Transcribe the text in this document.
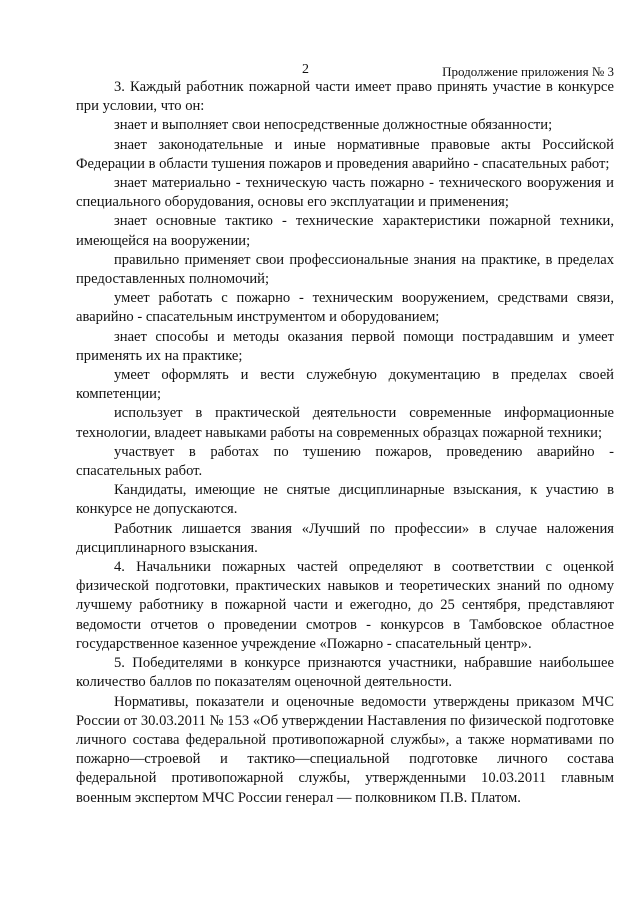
2	Продолжение приложения № 3

3. Каждый работник пожарной части имеет право принять участие в конкурсе при условии, что он:

знает и выполняет свои непосредственные должностные обязанности;

знает законодательные и иные нормативные правовые акты Российской Федерации в области тушения пожаров и проведения аварийно - спасательных работ;

знает материально - техническую часть пожарно - технического вооружения и специального оборудования, основы его эксплуатации и применения;

знает основные тактико - технические характеристики пожарной техники, имеющейся на вооружении;

правильно применяет свои профессиональные знания на практике, в пределах предоставленных полномочий;

умеет работать с пожарно - техническим вооружением, средствами связи, аварийно - спасательным инструментом и оборудованием;

знает способы и методы оказания первой помощи пострадавшим и умеет применять их на практике;

умеет оформлять и вести служебную документацию в пределах своей компетенции;

использует в практической деятельности современные информационные технологии, владеет навыками работы на современных образцах пожарной техники;

участвует в работах по тушению пожаров, проведению аварийно - спасательных работ.

Кандидаты, имеющие не снятые дисциплинарные взыскания, к участию в конкурсе не допускаются.

Работник лишается звания «Лучший по профессии» в случае наложения дисциплинарного взыскания.

4. Начальники пожарных частей определяют в соответствии с оценкой физической подготовки, практических навыков и теоретических знаний по одному лучшему работнику в пожарной части и ежегодно, до 25 сентября, представляют ведомости отчетов о проведении смотров - конкурсов в Тамбовское областное государственное казенное учреждение «Пожарно - спасательный центр».

5. Победителями в конкурсе признаются участники, набравшие наибольшее количество баллов по показателям оценочной деятельности.

Нормативы, показатели и оценочные ведомости утверждены приказом МЧС России от 30.03.2011 № 153 «Об утверждении Наставления по физической подготовке личного состава федеральной противопожарной службы», а также нормативами по пожарно—строевой и тактико—специальной подготовке личного состава федеральной противопожарной службы, утвержденными 10.03.2011 главным военным экспертом МЧС России генерал — полковником П.В. Платом.
